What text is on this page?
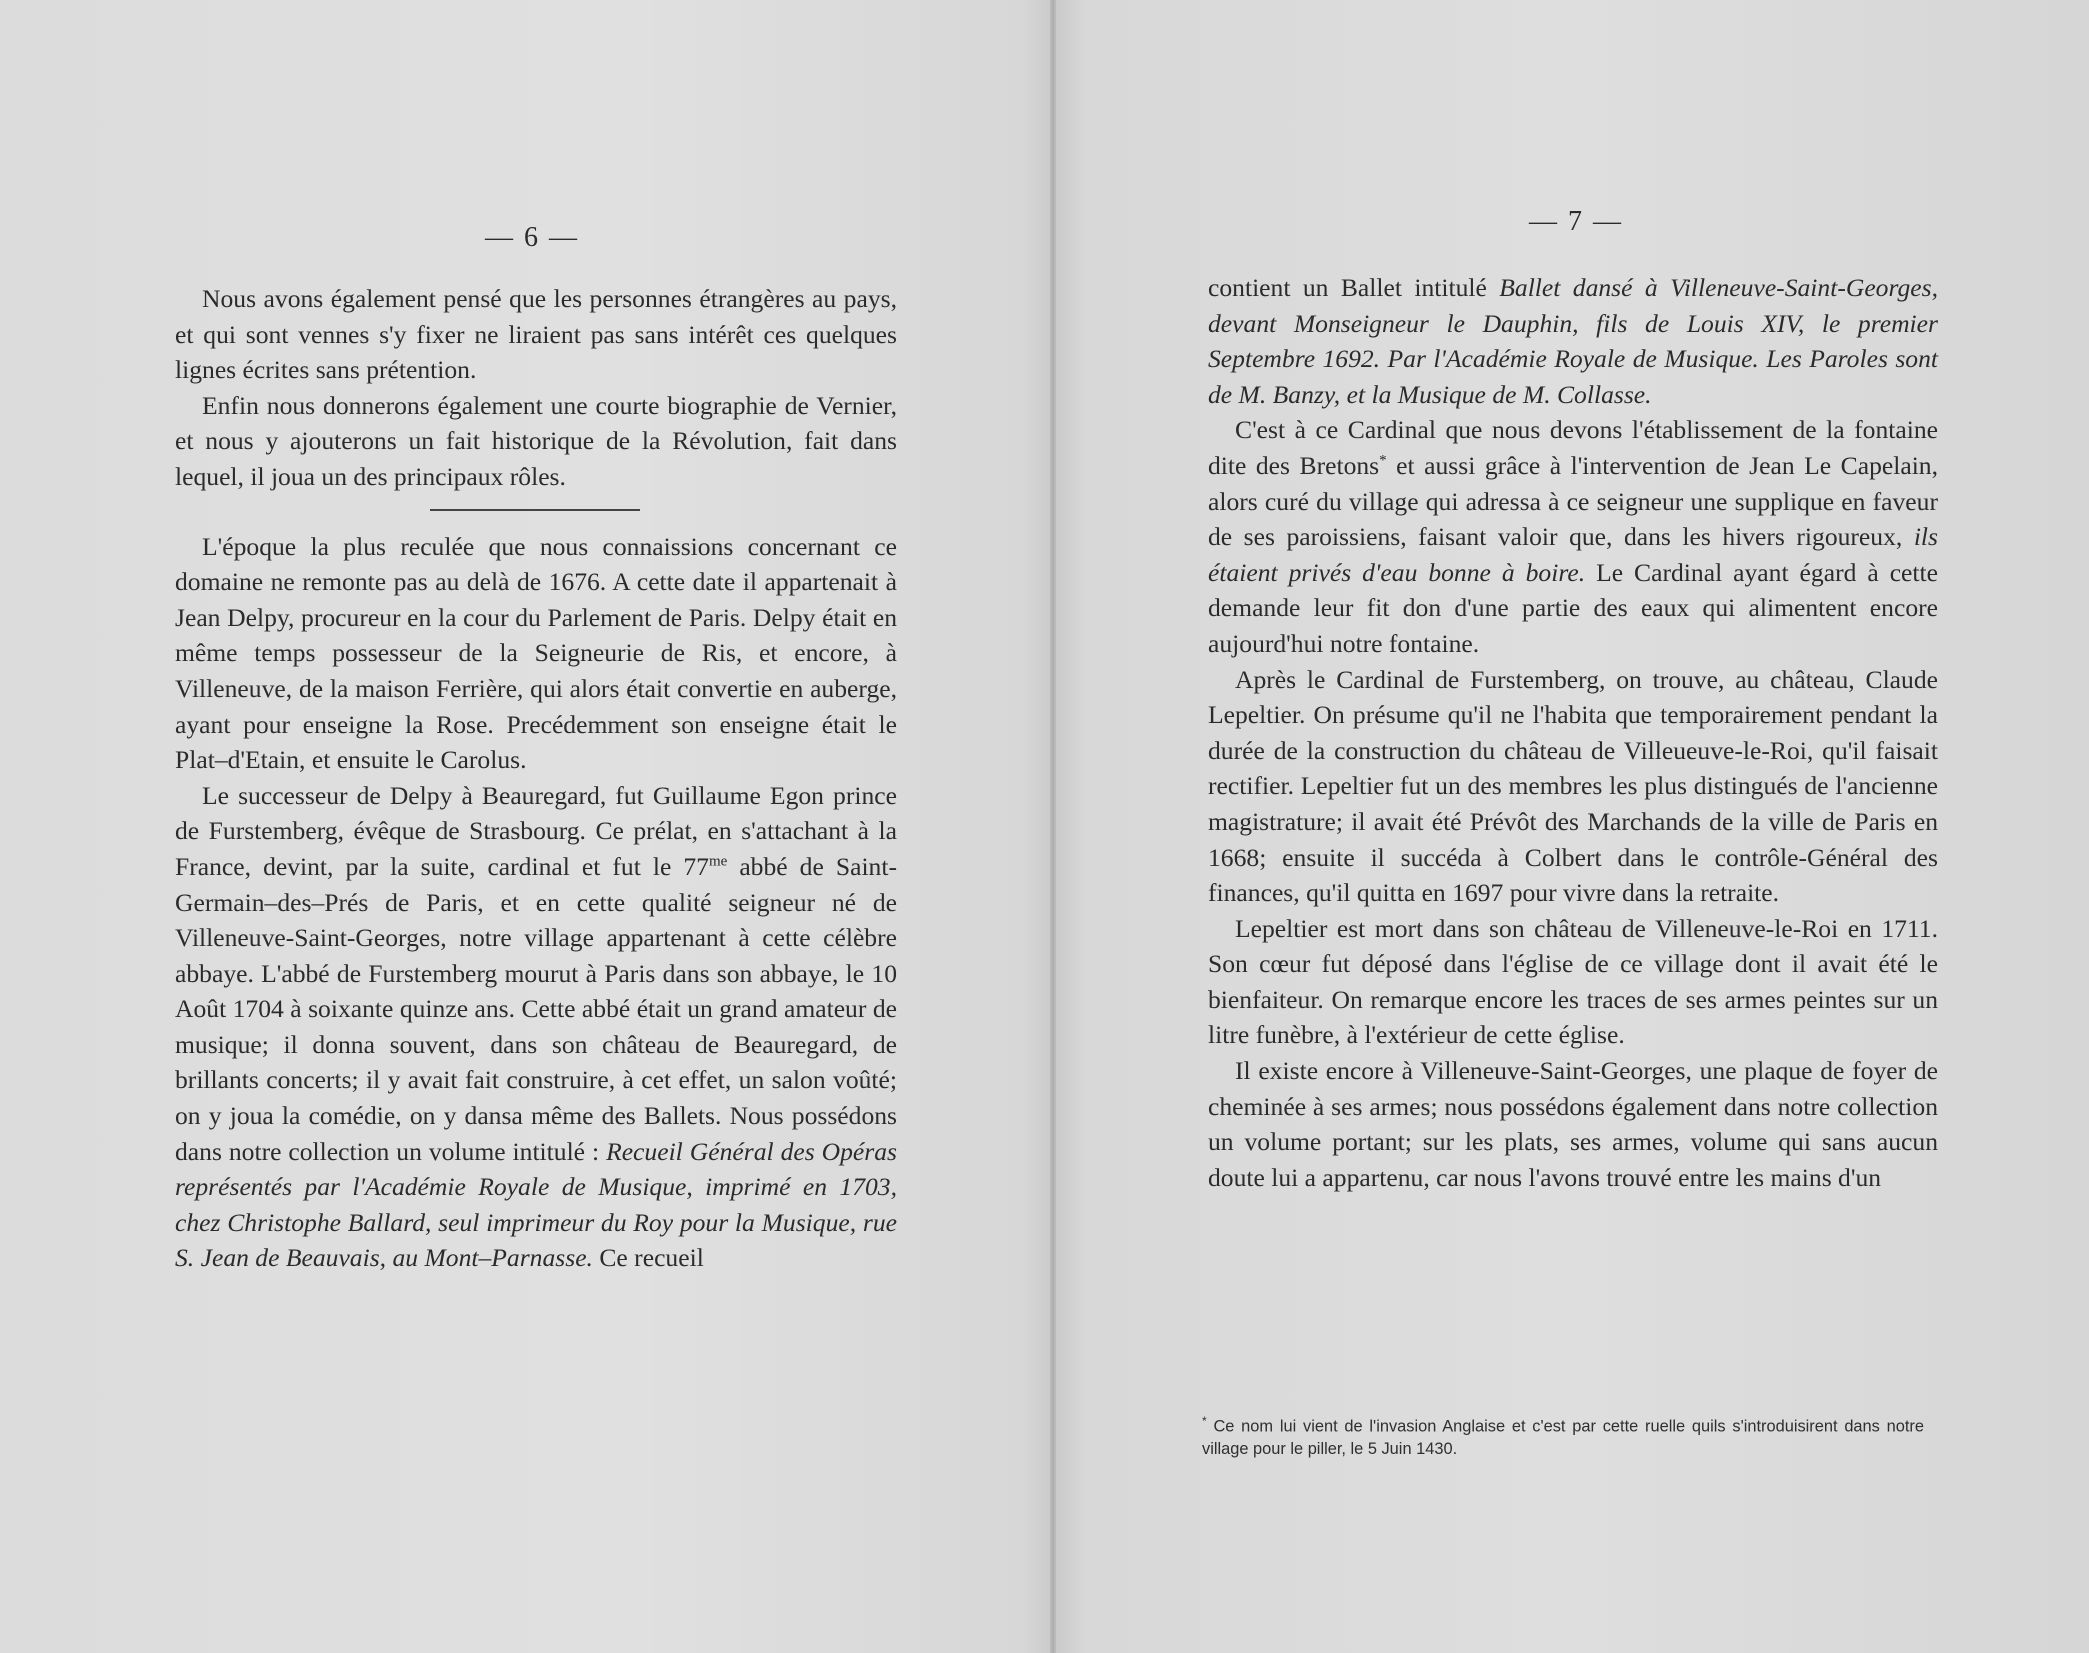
— 6 —

Nous avons également pensé que les personnes étrangères au pays, et qui sont vennes s'y fixer ne liraient pas sans intérêt ces quelques lignes écrites sans prétention.

Enfin nous donnerons également une courte biographie de Vernier, et nous y ajouterons un fait historique de la Révolution, fait dans lequel, il joua un des principaux rôles.

L'époque la plus reculée que nous connaissions concernant ce domaine ne remonte pas au delà de 1676. A cette date il appartenait à Jean Delpy, procureur en la cour du Parlement de Paris. Delpy était en même temps possesseur de la Seigneurie de Ris, et encore, à Villeneuve, de la maison Ferrière, qui alors était convertie en auberge, ayant pour enseigne la Rose. Precédemment son enseigne était le Plat–d'Etain, et ensuite le Carolus.

Le successeur de Delpy à Beauregard, fut Guillaume Egon prince de Furstemberg, évêque de Strasbourg. Ce prélat, en s'attachant à la France, devint, par la suite, cardinal et fut le $77^{me}$ abbé de Saint-Germain–des–Prés de Paris, et en cette qualité seigneur né de Villeneuve-Saint-Georges, notre village appartenant à cette célèbre abbaye. L'abbé de Furstemberg mourut à Paris dans son abbaye, le 10 Août 1704 à soixante quinze ans. Cette abbé était un grand amateur de musique; il donna souvent, dans son château de Beauregard, de brillants concerts; il y avait fait construire, à cet effet, un salon voûté; on y joua la comédie, on y dansa même des Ballets. Nous possédons dans notre collection un volume intitulé : Recueil Général des Opéras représentés par l'Académie Royale de Musique, imprimé en 1703, chez Christophe Ballard, seul imprimeur du Roy pour la Musique, rue S. Jean de Beauvais, au Mont–Parnasse. Ce recueil

— 7 —

contient un Ballet intitulé Ballet dansé à Villeneuve-Saint-Georges, devant Monseigneur le Dauphin, fils de Louis XIV, le premier Septembre 1692. Par l'Académie Royale de Musique. Les Paroles sont de M. Banzy, et la Musique de M. Collasse.

C'est à ce Cardinal que nous devons l'établissement de la fontaine dite des Bretons* et aussi grâce à l'intervention de Jean Le Capelain, alors curé du village qui adressa à ce seigneur une supplique en faveur de ses paroissiens, faisant valoir que, dans les hivers rigoureux, ils étaient privés d'eau bonne à boire. Le Cardinal ayant égard à cette demande leur fit don d'une partie des eaux qui alimentent encore aujourd'hui notre fontaine.

Après le Cardinal de Furstemberg, on trouve, au château, Claude Lepeltier. On présume qu'il ne l'habita que temporairement pendant la durée de la construction du château de Villeueuve-le-Roi, qu'il faisait rectifier. Lepeltier fut un des membres les plus distingués de l'ancienne magistrature; il avait été Prévôt des Marchands de la ville de Paris en 1668; ensuite il succéda à Colbert dans le contrôle-Général des finances, qu'il quitta en 1697 pour vivre dans la retraite.

Lepeltier est mort dans son château de Villeneuve-le-Roi en 1711. Son cœur fut déposé dans l'église de ce village dont il avait été le bienfaiteur. On remarque encore les traces de ses armes peintes sur un litre funèbre, à l'extérieur de cette église.

Il existe encore à Villeneuve-Saint-Georges, une plaque de foyer de cheminée à ses armes; nous possédons également dans notre collection un volume portant; sur les plats, ses armes, volume qui sans aucun doute lui a appartenu, car nous l'avons trouvé entre les mains d'un

* Ce nom lui vient de l'invasion Anglaise et c'est par cette ruelle quils s'introduisirent dans notre village pour le piller, le 5 Juin 1430.
